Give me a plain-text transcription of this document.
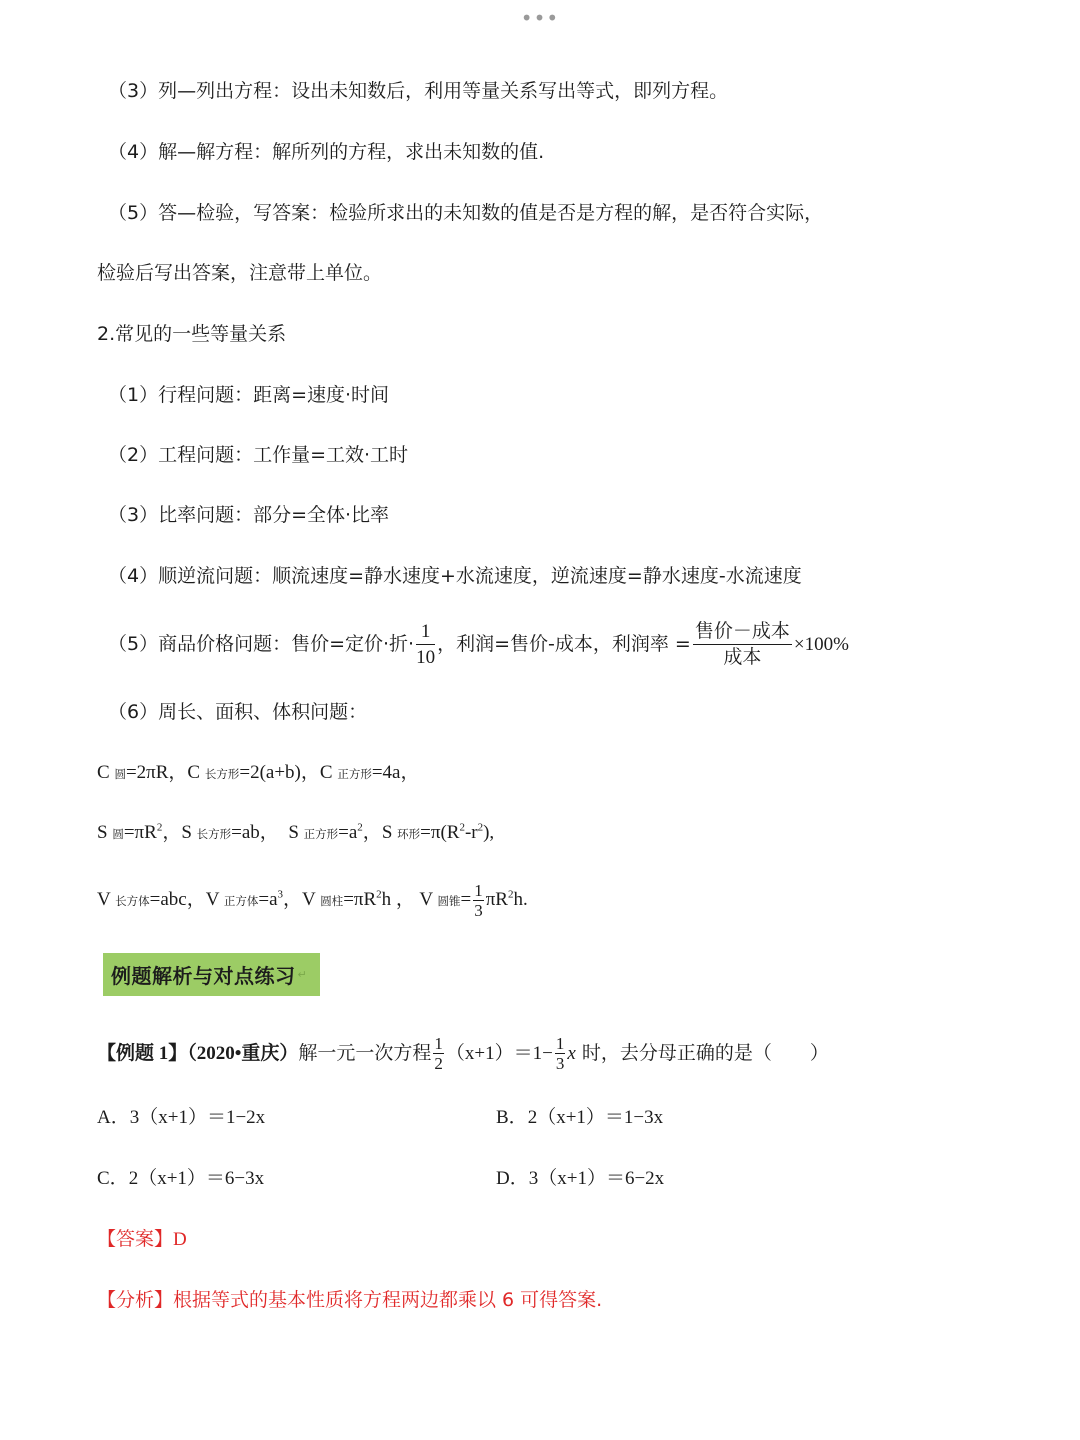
•••
（3）列—列出方程：设出未知数后，利用等量关系写出等式，即列方程。
（4）解—解方程：解所列的方程，求出未知数的值.
（5）答—检验，写答案：检验所求出的未知数的值是否是方程的解，是否符合实际，
检验后写出答案，注意带上单位。
2.常见的一些等量关系
（1）行程问题：距离=速度·时间
（2）工程问题：工作量=工效·工时
（3）比率问题：部分=全体·比率
（4）顺逆流问题：顺流速度=静水速度+水流速度，逆流速度=静水速度-水流速度
（5）商品价格问题：售价=定价·折· $\frac{1}{10}$ ，利润=售价-成本，利润率 = $\frac{\text{售价－成本}}{\text{成本}} \times 100\%$
（6）周长、面积、体积问题：
C 圆=2πR，C 长方形=2(a+b)，C 正方形=4a，
S 圆$=\pi R^2$，S 长方形=ab， S 正方形$=a^2$，S 环形$=\pi(R^2-r^2)$,
V 长方体=abc，V 正方体$=a^3$，V 圆柱$=\pi R^2h$ ， V 圆锥= $\frac{1}{3} \pi R^2h$.
例题解析与对点练习 ↵
【例题 1】（2020•重庆）解一元一次方程 $\frac{1}{2} (x+1)=1- \frac{1}{3}$ x 时，去分母正确的是（　　）
A．3（x+1）＝1−2x	B．2（x+1）＝1−3x
C．2（x+1）＝6−3x	D．3（x+1）＝6−2x
【答案】D
【分析】根据等式的基本性质将方程两边都乘以 6 可得答案.
